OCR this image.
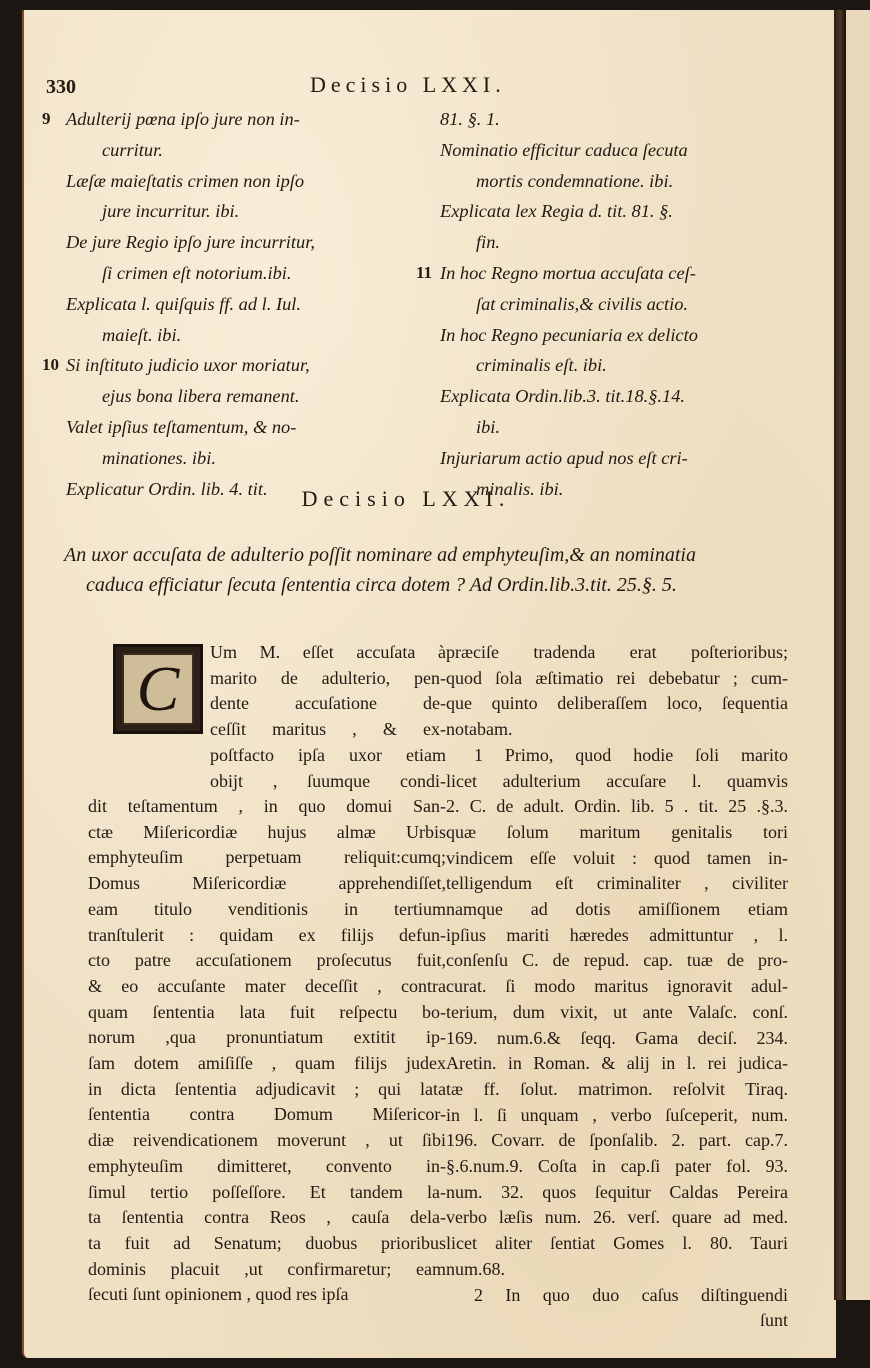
330	Decisio LXXI.
9 Adulterij pœna ipſo jure non in-
curritur.
Læſæ maieſtatis crimen non ipſo
jure incurritur. ibi.
De jure Regio ipſo jure incurritur,
ſi crimen eſt notorium.ibi.
Explicata l. quiſquis ff. ad l. Iul.
maieſt. ibi.
10 Si inſtituto judicio uxor moriatur,
ejus bona libera remanent.
Valet ipſius teſtamentum, & no-
minationes. ibi.
Explicatur Ordin. lib. 4. tit.
81. §. 1.
Nominatio efficitur caduca ſecuta
mortis condemnatione. ibi.
Explicata lex Regia d. tit. 81. §.
fin.
11 In hoc Regno mortua accuſata ceſ-
ſat criminalis,& civilis actio.
In hoc Regno pecuniaria ex delicto
criminalis eſt. ibi.
Explicata Ordin.lib.3. tit.18.§.14.
ibi.
Injuriarum actio apud nos eſt cri-
minalis. ibi.
Decisio LXXI.
An uxor accuſata de adulterio poſſit nominare ad emphyteuſim,& an nominatia
caduca efficiatur ſecuta ſententia circa dotem ? Ad Ordin.lib.3.tit. 25.§. 5.
C
Um M. eſſet accuſata à
marito de adulterio, pen-
dente accuſatione de-
ceſſit maritus , & ex-
poſtfacto ipſa uxor etiam
obijt , ſuumque condi-
dit teſtamentum , in quo domui San-
ctæ Miſericordiæ hujus almæ Urbis
emphyteuſim perpetuam reliquit:cumq;
Domus Miſericordiæ apprehendiſſet,
eam titulo venditionis in tertium
tranſtulerit : quidam ex filijs defun-
cto patre accuſationem proſecutus fuit,
& eo accuſante mater deceſſit , contra
quam ſententia lata fuit reſpectu bo-
norum ,qua pronuntiatum extitit ip-
ſam dotem amiſiſſe , quam filijs judex
in dicta ſententia adjudicavit ; qui lata
ſententia contra Domum Miſericor-
diæ reivendicationem moverunt , ut ſibi
emphyteuſim dimitteret, convento in-
ſimul tertio poſſeſſore. Et tandem la-
ta ſententia contra Reos , cauſa dela-
ta fuit ad Senatum; duobus prioribus
dominis placuit ,ut confirmaretur; eam
ſecuti ſunt opinionem , quod res ipſa
præciſe tradenda erat poſterioribus;
quod ſola æſtimatio rei debebatur ; cum-
que quinto deliberaſſem loco, ſequentia
notabam.
1 Primo, quod hodie ſoli marito
licet adulterium accuſare l. quamvis
2. C. de adult. Ordin. lib. 5 . tit. 25 .§.3.
quæ ſolum maritum genitalis tori
vindicem eſſe voluit : quod tamen in-
telligendum eſt criminaliter , civiliter
namque ad dotis amiſſionem etiam
ipſius mariti hæredes admittuntur , l.
conſenſu C. de repud. cap. tuæ de pro-
curat. ſi modo maritus ignoravit adul-
terium, dum vixit, ut ante Valaſc. conſ.
169. num.6.& ſeqq. Gama deciſ. 234.
Aretin. in Roman. & alij in l. rei judica-
tæ ff. ſolut. matrimon. reſolvit Tiraq.
in l. ſi unquam , verbo ſuſceperit, num.
196. Covarr. de ſponſalib. 2. part. cap.7.
§.6.num.9. Coſta in cap.ſi pater fol. 93.
num. 32. quos ſequitur Caldas Pereira
verbo læſis num. 26. verſ. quare ad med.
licet aliter ſentiat Gomes l. 80. Tauri
num.68.
2 In quo duo caſus diſtinguendi
ſunt
